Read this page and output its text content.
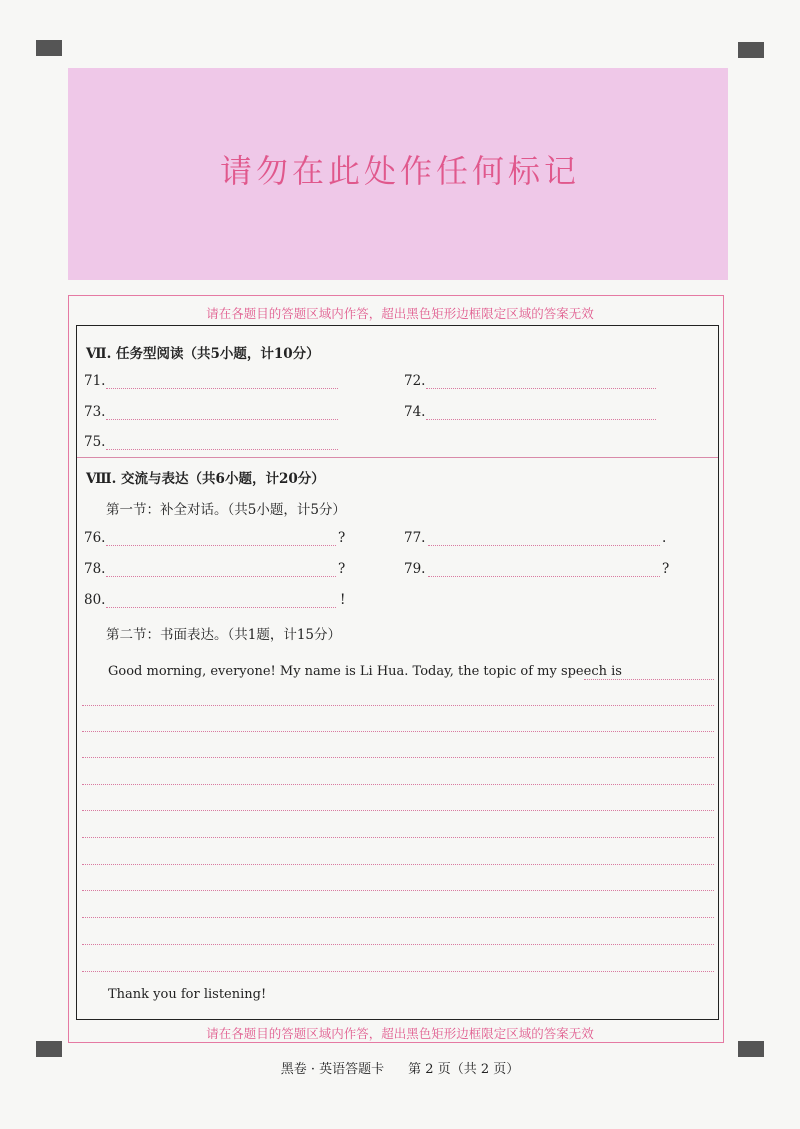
请勿在此处作任何标记
请在各题目的答题区域内作答，超出黑色矩形边框限定区域的答案无效
请在各题目的答题区域内作答，超出黑色矩形边框限定区域的答案无效
Ⅶ. 任务型阅读（共5小题，计10分）
71.	72.
73.	74.
75.
Ⅷ. 交流与表达（共6小题，计20分）
第一节：补全对话。（共5小题，计5分）
76.	?	77.	.
78.	?	79.	?
80.	!
第二节：书面表达。（共1题，计15分）
Good morning, everyone! My name is Li Hua. Today, the topic of my speech is
Thank you for listening!
黑卷 · 英语答题卡 第 2 页（共 2 页）
